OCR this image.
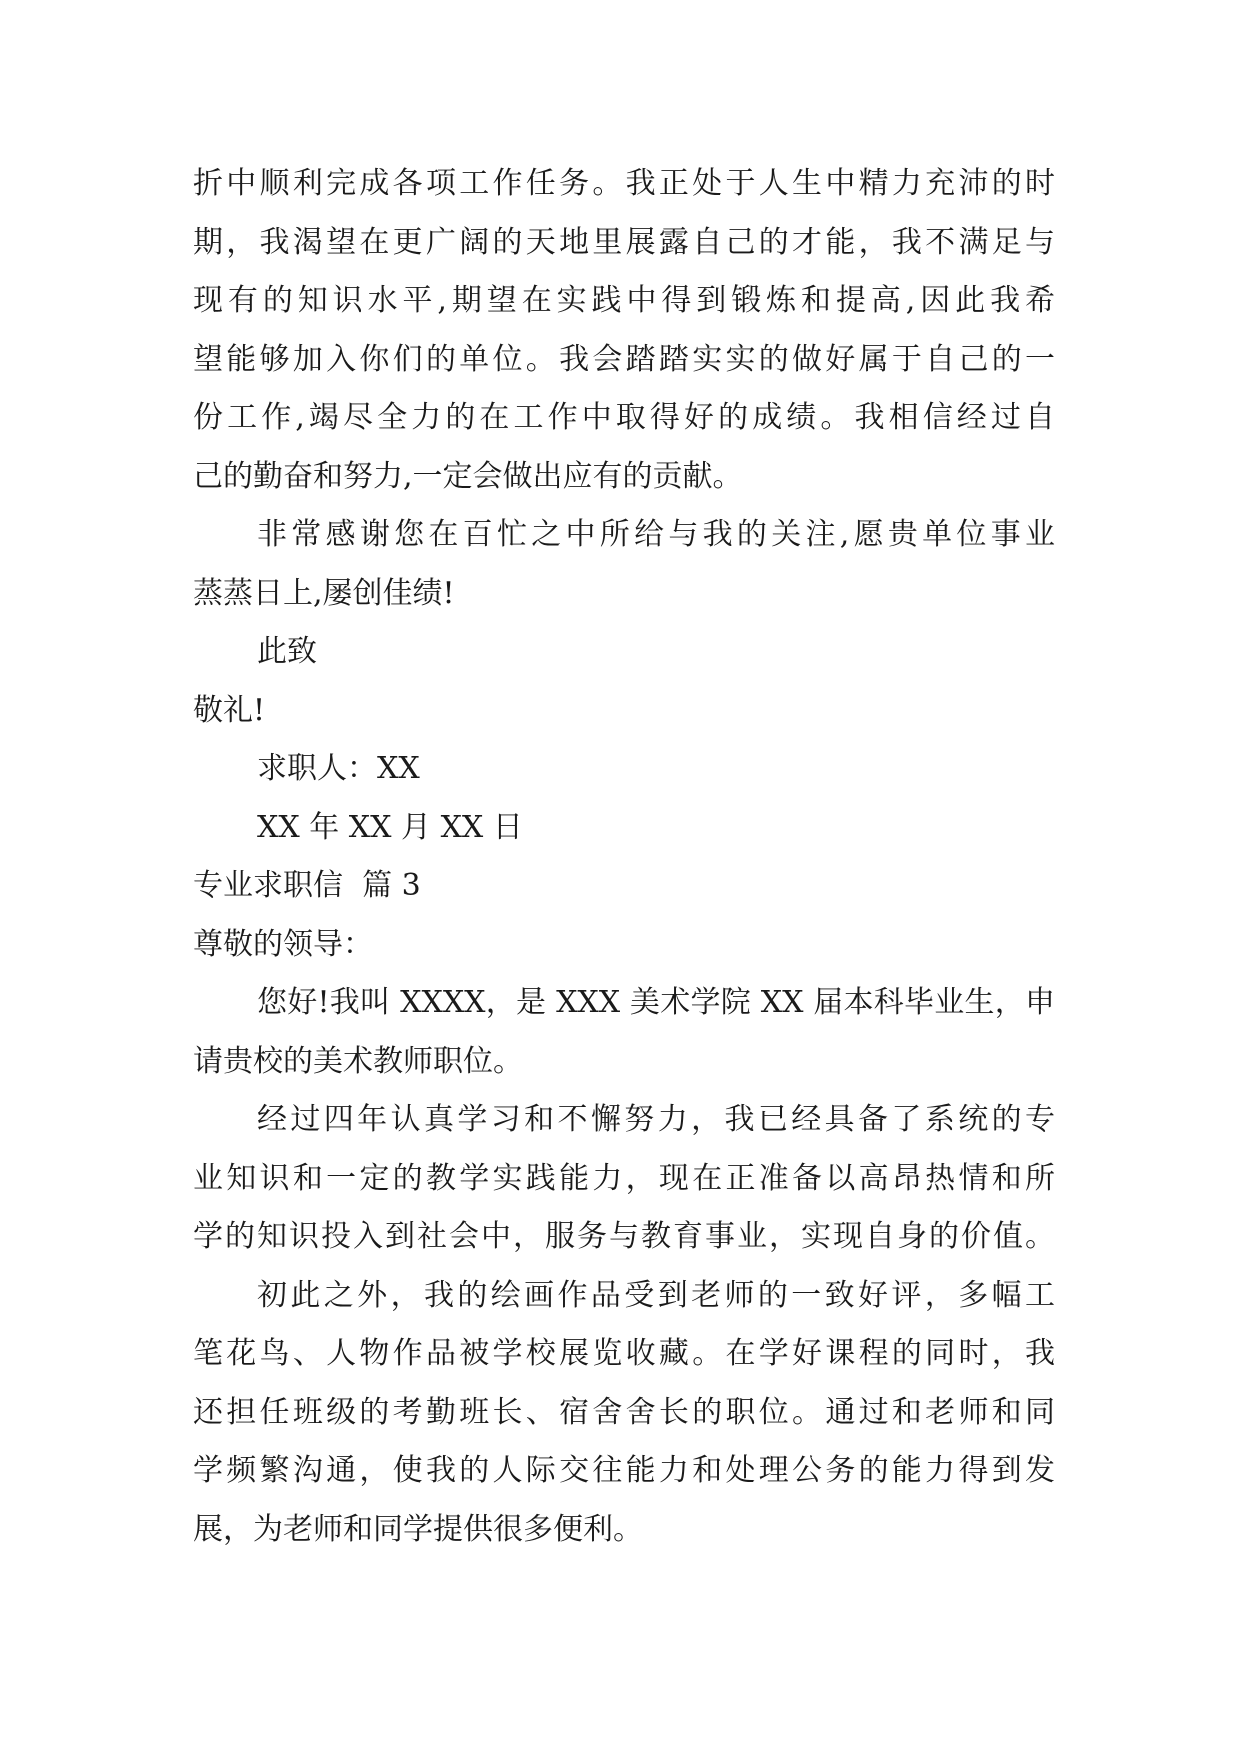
折中顺利完成各项工作任务。我正处于人生中精力充沛的时
期，我渴望在更广阔的天地里展露自己的才能，我不满足与
现有的知识水平,期望在实践中得到锻炼和提高,因此我希
望能够加入你们的单位。我会踏踏实实的做好属于自己的一
份工作,竭尽全力的在工作中取得好的成绩。我相信经过自
己的勤奋和努力,一定会做出应有的贡献。
非常感谢您在百忙之中所给与我的关注,愿贵单位事业
蒸蒸日上,屡创佳绩!
此致
敬礼!
求职人：XX
XX 年 XX 月 XX 日
专业求职信  篇 3
尊敬的领导：
您好!我叫 XXXX，是 XXX 美术学院 XX 届本科毕业生，申
请贵校的美术教师职位。
经过四年认真学习和不懈努力，我已经具备了系统的专
业知识和一定的教学实践能力，现在正准备以高昂热情和所
学的知识投入到社会中，服务与教育事业，实现自身的价值。
初此之外，我的绘画作品受到老师的一致好评，多幅工
笔花鸟、人物作品被学校展览收藏。在学好课程的同时，我
还担任班级的考勤班长、宿舍舍长的职位。通过和老师和同
学频繁沟通，使我的人际交往能力和处理公务的能力得到发
展，为老师和同学提供很多便利。
